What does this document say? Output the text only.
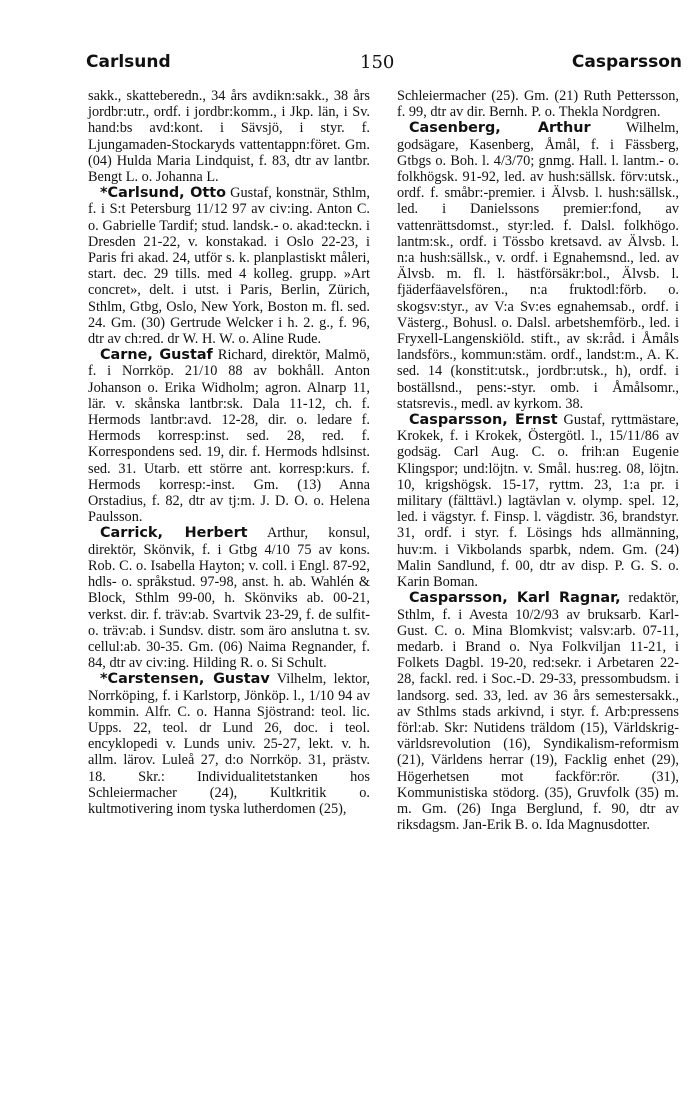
Carlsund	150	Casparsson

sakk., skatteberedn., 34 års avdikn:sakk., 38 års jordbr:utr., ordf. i jordbr:komm., i Jkp. län, i Sv. hand:bs avd:kont. i Sävsjö, i styr. f. Ljungamaden-Stockaryds vattentappn:föret. Gm. (04) Hulda Maria Lindquist, f. 83, dtr av lantbr. Bengt L. o. Johanna L.

*Carlsund, Otto Gustaf, konstnär, Sthlm, f. i S:t Petersburg 11/12 97 av civ:ing. Anton C. o. Gabrielle Tardif; stud. landsk.- o. akad:teckn. i Dresden 21-22, v. konstakad. i Oslo 22-23, i Paris fri akad. 24, utför s. k. planplastiskt måleri, start. dec. 29 tills. med 4 kolleg. grupp. »Art concret», delt. i utst. i Paris, Berlin, Zürich, Sthlm, Gtbg, Oslo, New York, Boston m. fl. sed. 24. Gm. (30) Gertrude Welcker i h. 2. g., f. 96, dtr av ch:red. dr W. H. W. o. Aline Rude.

Carne, Gustaf Richard, direktör, Malmö, f. i Norrköp. 21/10 88 av bokhåll. Anton Johanson o. Erika Widholm; agron. Alnarp 11, lär. v. skånska lantbr:sk. Dala 11-12, ch. f. Hermods lantbr:avd. 12-28, dir. o. ledare f. Hermods korresp:inst. sed. 28, red. f. Korrespondens sed. 19, dir. f. Hermods hdlsinst. sed. 31. Utarb. ett större ant. korresp:kurs. f. Hermods korresp:-inst. Gm. (13) Anna Orstadius, f. 82, dtr av tj:m. J. D. O. o. Helena Paulsson.

Carrick, Herbert Arthur, konsul, direktör, Skönvik, f. i Gtbg 4/10 75 av kons. Rob. C. o. Isabella Hayton; v. coll. i Engl. 87-92, hdls- o. språkstud. 97-98, anst. h. ab. Wahlén & Block, Sthlm 99-00, h. Skönviks ab. 00-21, verkst. dir. f. träv:ab. Svartvik 23-29, f. de sulfit- o. träv:ab. i Sundsv. distr. som äro anslutna t. sv. cellul:ab. 30-35. Gm. (06) Naima Regnander, f. 84, dtr av civ:ing. Hilding R. o. Si Schult.

*Carstensen, Gustav Vilhelm, lektor, Norrköping, f. i Karlstorp, Jönköp. l., 1/10 94 av kommin. Alfr. C. o. Hanna Sjöstrand: teol. lic. Upps. 22, teol. dr Lund 26, doc. i teol. encyklopedi v. Lunds univ. 25-27, lekt. v. h. allm. lärov. Luleå 27, d:o Norrköp. 31, prästv. 18. Skr.: Individualitetstanken hos Schleiermacher (24), Kultkritik o. kultmotivering inom tyska lutherdomen (25),

Schleiermacher (25). Gm. (21) Ruth Pettersson, f. 99, dtr av dir. Bernh. P. o. Thekla Nordgren.

Casenberg, Arthur Wilhelm, godsägare, Kasenberg, Åmål, f. i Fässberg, Gtbgs o. Boh. l. 4/3/70; gnmg. Hall. l. lantm.- o. folkhögsk. 91-92, led. av hush:sällsk. förv:utsk., ordf. f. småbr:-premier. i Älvsb. l. hush:sällsk., led. i Danielssons premier:fond, av vattenrättsdomst., styr:led. f. Dalsl. folkhögo. lantm:sk., ordf. i Tössbo kretsavd. av Älvsb. l. n:a hush:sällsk., v. ordf. i Egnahemsnd., led. av Älvsb. m. fl. l. hästförsäkr:bol., Älvsb. l. fjäderfäavelsfören., n:a fruktodl:förb. o. skogsv:styr., av V:a Sv:es egnahemsab., ordf. i Västerg., Bohusl. o. Dalsl. arbetshemförb., led. i Fryxell-Langenskiöld. stift., av sk:råd. i Åmåls landsförs., kommun:stäm. ordf., landst:m., A. K. sed. 14 (konstit:utsk., jordbr:utsk., h), ordf. i boställsnd., pens:-styr. omb. i Åmålsomr., statsrevis., medl. av kyrkom. 38.

Casparsson, Ernst Gustaf, ryttmästare, Krokek, f. i Krokek, Östergötl. l., 15/11/86 av godsäg. Carl Aug. C. o. frih:an Eugenie Klingspor; und:löjtn. v. Smål. hus:reg. 08, löjtn. 10, krigshögsk. 15-17, ryttm. 23, 1:a pr. i military (fälttävl.) lagtävlan v. olymp. spel. 12, led. i vägstyr. f. Finsp. l. vägdistr. 36, brandstyr. 31, ordf. i styr. f. Lösings hds allmänning, huv:m. i Vikbolands sparbk, ndem. Gm. (24) Malin Sandlund, f. 00, dtr av disp. P. G. S. o. Karin Boman.

Casparsson, Karl Ragnar, redaktör, Sthlm, f. i Avesta 10/2/93 av bruksarb. Karl-Gust. C. o. Mina Blomkvist; valsv:arb. 07-11, medarb. i Brand o. Nya Folkviljan 11-21, i Folkets Dagbl. 19-20, red:sekr. i Arbetaren 22-28, fackl. red. i Soc.-D. 29-33, pressombudsm. i landsorg. sed. 33, led. av 36 års semestersakk., av Sthlms stads arkivnd, i styr. f. Arb:pressens förl:ab. Skr: Nutidens träldom (15), Världskrig-världsrevolution (16), Syndikalism-reformism (21), Världens herrar (19), Facklig enhet (29), Högerhetsen mot fackför:rör. (31), Kommunistiska stödorg. (35), Gruvfolk (35) m. m. Gm. (26) Inga Berglund, f. 90, dtr av riksdagsm. Jan-Erik B. o. Ida Magnusdotter.
